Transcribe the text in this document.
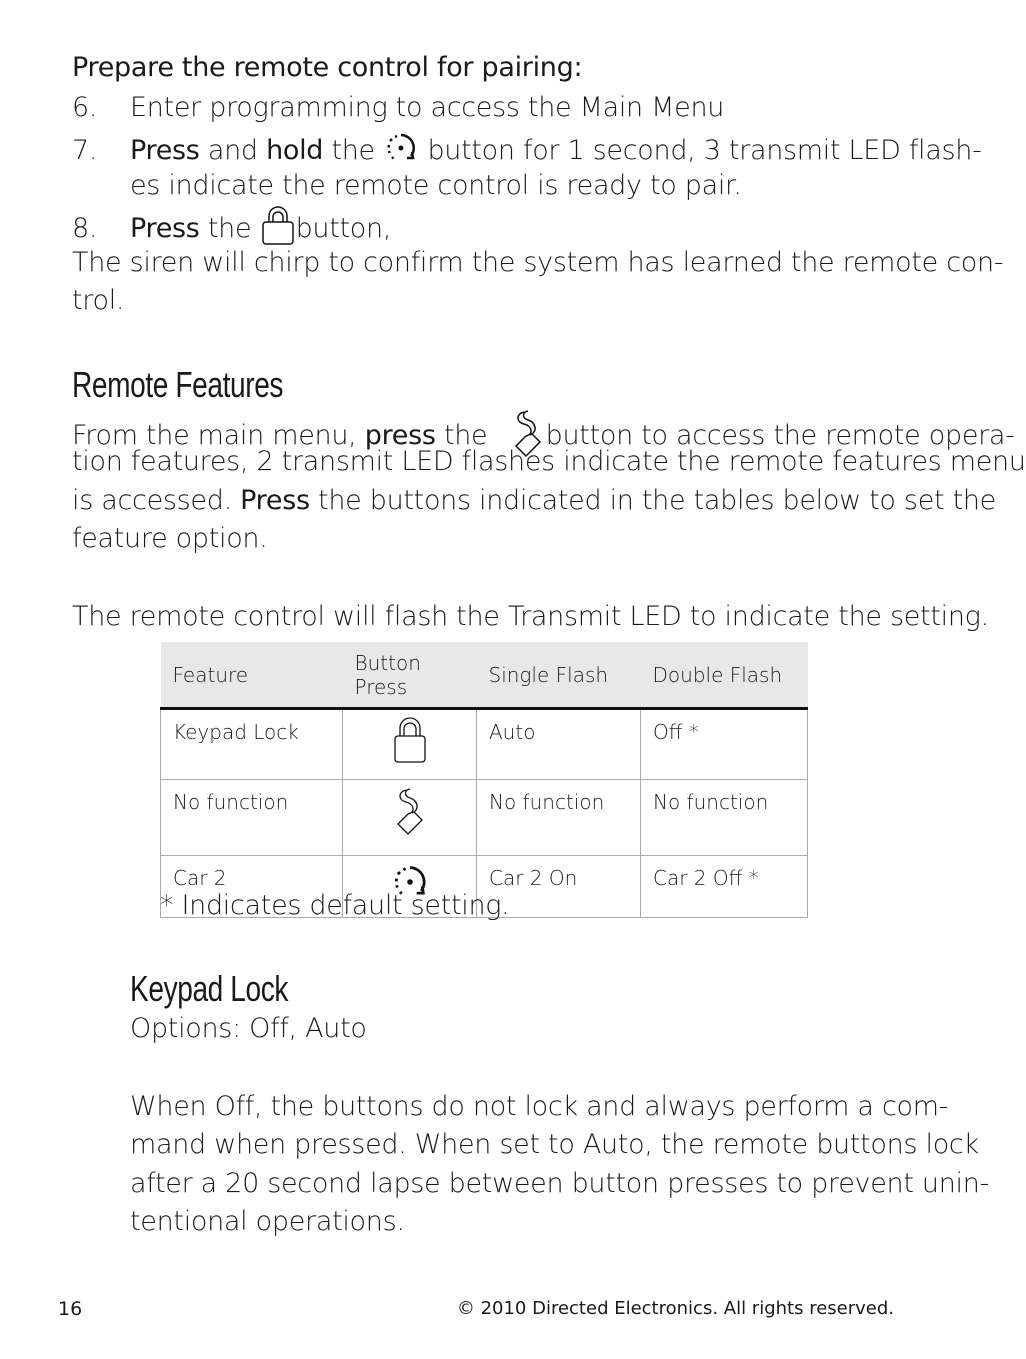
Prepare the remote control for pairing:
6. Enter programming to access the Main Menu
7. Press and hold the button for 1 second, 3 transmit LED flash-
es indicate the remote control is ready to pair.
8. Press the button,
The siren will chirp to confirm the system has learned the remote con-
trol.
Remote Features
From the main menu, press the button to access the remote opera-
tion features, 2 transmit LED flashes indicate the remote features menu
is accessed. Press the buttons indicated in the tables below to set the
feature option.
The remote control will flash the Transmit LED to indicate the setting.
Feature	Button Press	Single Flash	Double Flash
Keypad Lock		Auto	Off *
No function		No function	No function
Car 2		Car 2 On	Car 2 Off *
* Indicates default setting.
Keypad Lock
Options: Off, Auto
When Off, the buttons do not lock and always perform a com-
mand when pressed. When set to Auto, the remote buttons lock
after a 20 second lapse between button presses to prevent unin-
tentional operations.
16	© 2010 Directed Electronics. All rights reserved.
